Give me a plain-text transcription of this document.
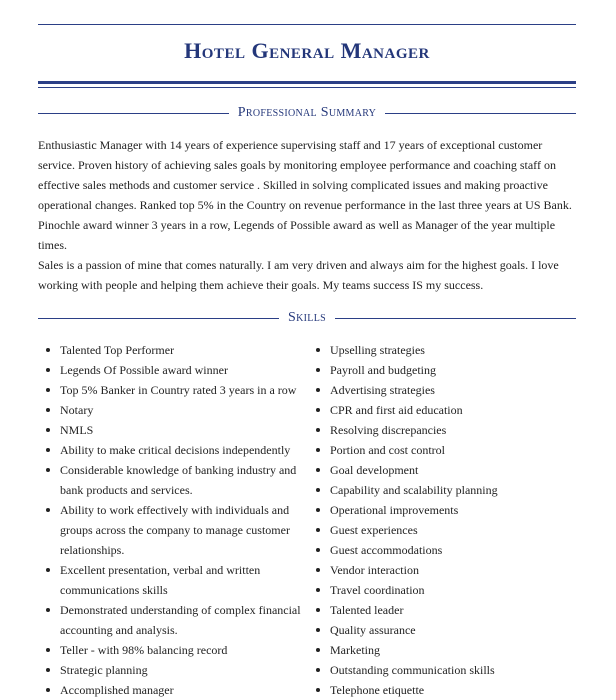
Hotel General Manager
Professional Summary

Enthusiastic Manager with 14 years of experience supervising staff and 17 years of exceptional customer service. Proven history of achieving sales goals by monitoring employee performance and coaching staff on effective sales methods and customer service . Skilled in solving complicated issues and making proactive operational changes. Ranked top 5% in the Country on revenue performance in the last three years at US Bank. Pinochle award winner 3 years in a row, Legends of Possible award as well as Manager of the year multiple times.

Sales is a passion of mine that comes naturally. I am very driven and always aim for the highest goals. I love working with people and helping them achieve their goals. My teams success IS my success.

Skills
Talented Top Performer
Legends Of Possible award winner
Top 5% Banker in Country rated 3 years in a row
Notary
NMLS
Ability to make critical decisions independently
Considerable knowledge of banking industry and bank products and services.
Ability to work effectively with individuals and groups across the company to manage customer relationships.
Excellent presentation, verbal and written communications skills
Demonstrated understanding of complex financial accounting and analysis.
Teller - with 98% balancing record
Strategic planning
Accomplished manager
Upselling strategies
Payroll and budgeting
Advertising strategies
CPR and first aid education
Resolving discrepancies
Portion and cost control
Goal development
Capability and scalability planning
Operational improvements
Guest experiences
Guest accommodations
Vendor interaction
Travel coordination
Talented leader
Quality assurance
Marketing
Outstanding communication skills
Telephone etiquette
